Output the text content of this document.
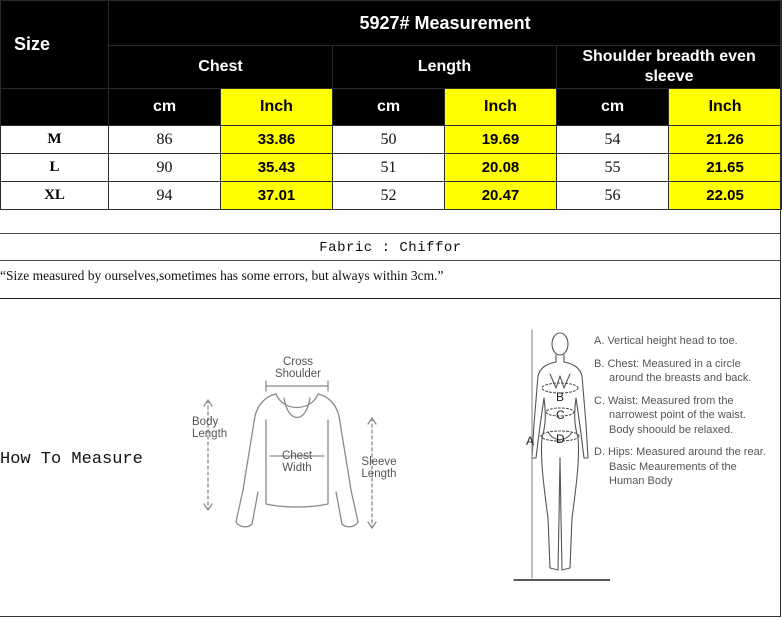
Size	5927# Measurement					
	Chest		Length		Shoulder breadth even sleeve	
	cm	Inch	cm	Inch	cm	Inch
M	86	33.86	50	19.69	54	21.26
L	90	35.43	51	20.08	55	21.65
XL	94	37.01	52	20.47	56	22.05
Fabric : Chiffor
“Size measured by ourselves,sometimes has some errors, but always within 3cm.”
How To Measure
Cross Shoulder
Body Length
Chest Width	Sleeve Length
A
B
C
D
A. Vertical height head to toe.
B. Chest: Measured in a circle around the breasts and back.
C. Waist: Measured from the narrowest point of the waist. Body shoould be relaxed.
D. Hips: Measured around the rear. Basic Meaurements of the Human Body
